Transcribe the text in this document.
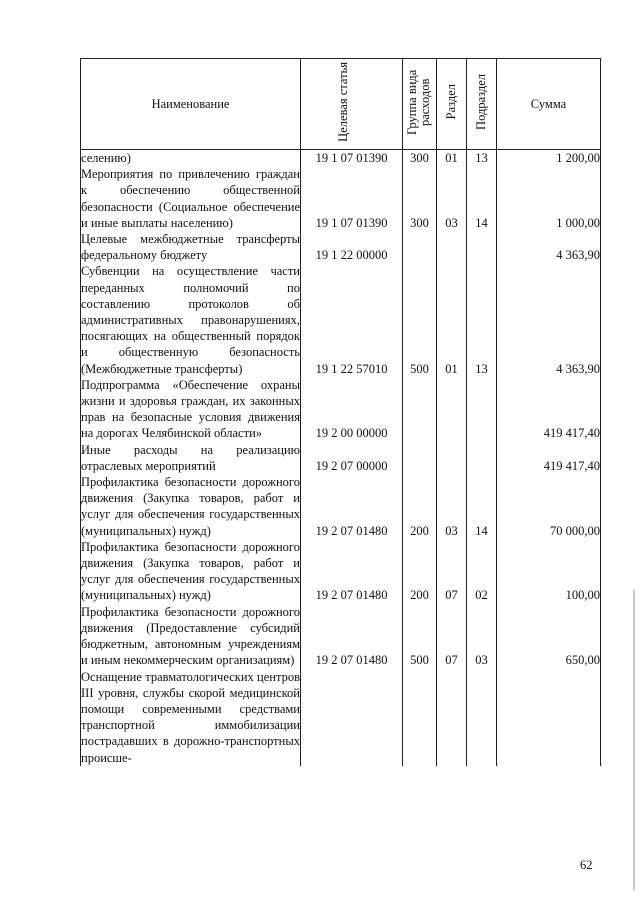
Наименование	Целевая статья	Группа вида расходов	Раздел	Подраздел	Сумма
селению)	19 1 07 01390	300	01	13	1 200,00
Мероприятия по привлечению граждан к обеспечению общественной безопасности (Социальное обеспечение и иные выплаты населению)	19 1 07 01390	300	03	14	1 000,00
Целевые межбюджетные трансферты федеральному бюджету	19 1 22 00000				4 363,90
Субвенции на осуществление части переданных полномочий по составлению протоколов об административных правонарушениях, посягающих на общественный порядок и общественную безопасность (Межбюджетные трансферты)	19 1 22 57010	500	01	13	4 363,90
Подпрограмма «Обеспечение охраны жизни и здоровья граждан, их законных прав на безопасные условия движения на дорогах Челябинской области»	19 2 00 00000				419 417,40
Иные расходы на реализацию отраслевых мероприятий	19 2 07 00000				419 417,40
Профилактика безопасности дорожного движения (Закупка товаров, работ и услуг для обеспечения государственных (муниципальных) нужд)	19 2 07 01480	200	03	14	70 000,00
Профилактика безопасности дорожного движения (Закупка товаров, работ и услуг для обеспечения государственных (муниципальных) нужд)	19 2 07 01480	200	07	02	100,00
Профилактика безопасности дорожного движения (Предоставление субсидий бюджетным, автономным учреждениям и иным некоммерческим организациям)	19 2 07 01480	500	07	03	650,00
Оснащение травматологических центров III уровня, службы скорой медицинской помощи современными средствами транспортной иммобилизации пострадавших в дорожно-транспортных происше-					
62
